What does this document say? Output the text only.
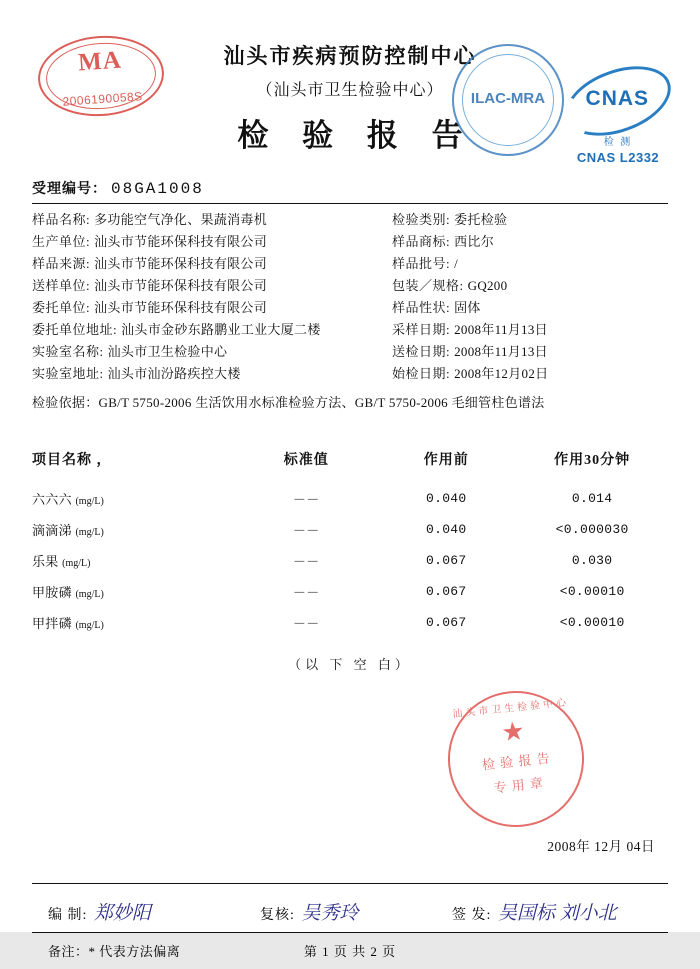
MA
2006190058S
汕头市疾病预防控制中心
（汕头市卫生检验中心）
检 验 报 告
ILAC-MRA	CNAS
检 测
CNAS L2332
受理编号： 08GA1008
样品名称: 多功能空气净化、果蔬消毒机	检验类别: 委托检验
生产单位: 汕头市节能环保科技有限公司	样品商标: 西比尔
样品来源: 汕头市节能环保科技有限公司	样品批号: /
送样单位: 汕头市节能环保科技有限公司	包装／规格: GQ200
委托单位: 汕头市节能环保科技有限公司	样品性状: 固体
委托单位地址: 汕头市金砂东路鹏业工业大厦二楼	采样日期: 2008年11月13日
实验室名称: 汕头市卫生检验中心	送检日期: 2008年11月13日
实验室地址: 汕头市汕汾路疾控大楼	始检日期: 2008年12月02日
检验依据：GB/T 5750-2006 生活饮用水标准检验方法、GB/T 5750-2006 毛细管柱色谱法
项目名称 ，	标准值	作用前	作用30分钟
六六六 (mg/L)	－－	0.040	0.014
滴滴涕 (mg/L)	－－	0.040	<0.000030
乐果 (mg/L)	－－	0.067	0.030
甲胺磷 (mg/L)	－－	0.067	<0.00010
甲拌磷 (mg/L)	－－	0.067	<0.00010
（以 下 空 白）
汕头市卫生检验中心
★
检 验 报 告
专 用 章
2008年 12月 04日
编 制: 郑妙阳	复核: 吴秀玲	签 发: 吴国标 刘小北
备注：* 代表方法偏离	第 1 页 共 2 页
